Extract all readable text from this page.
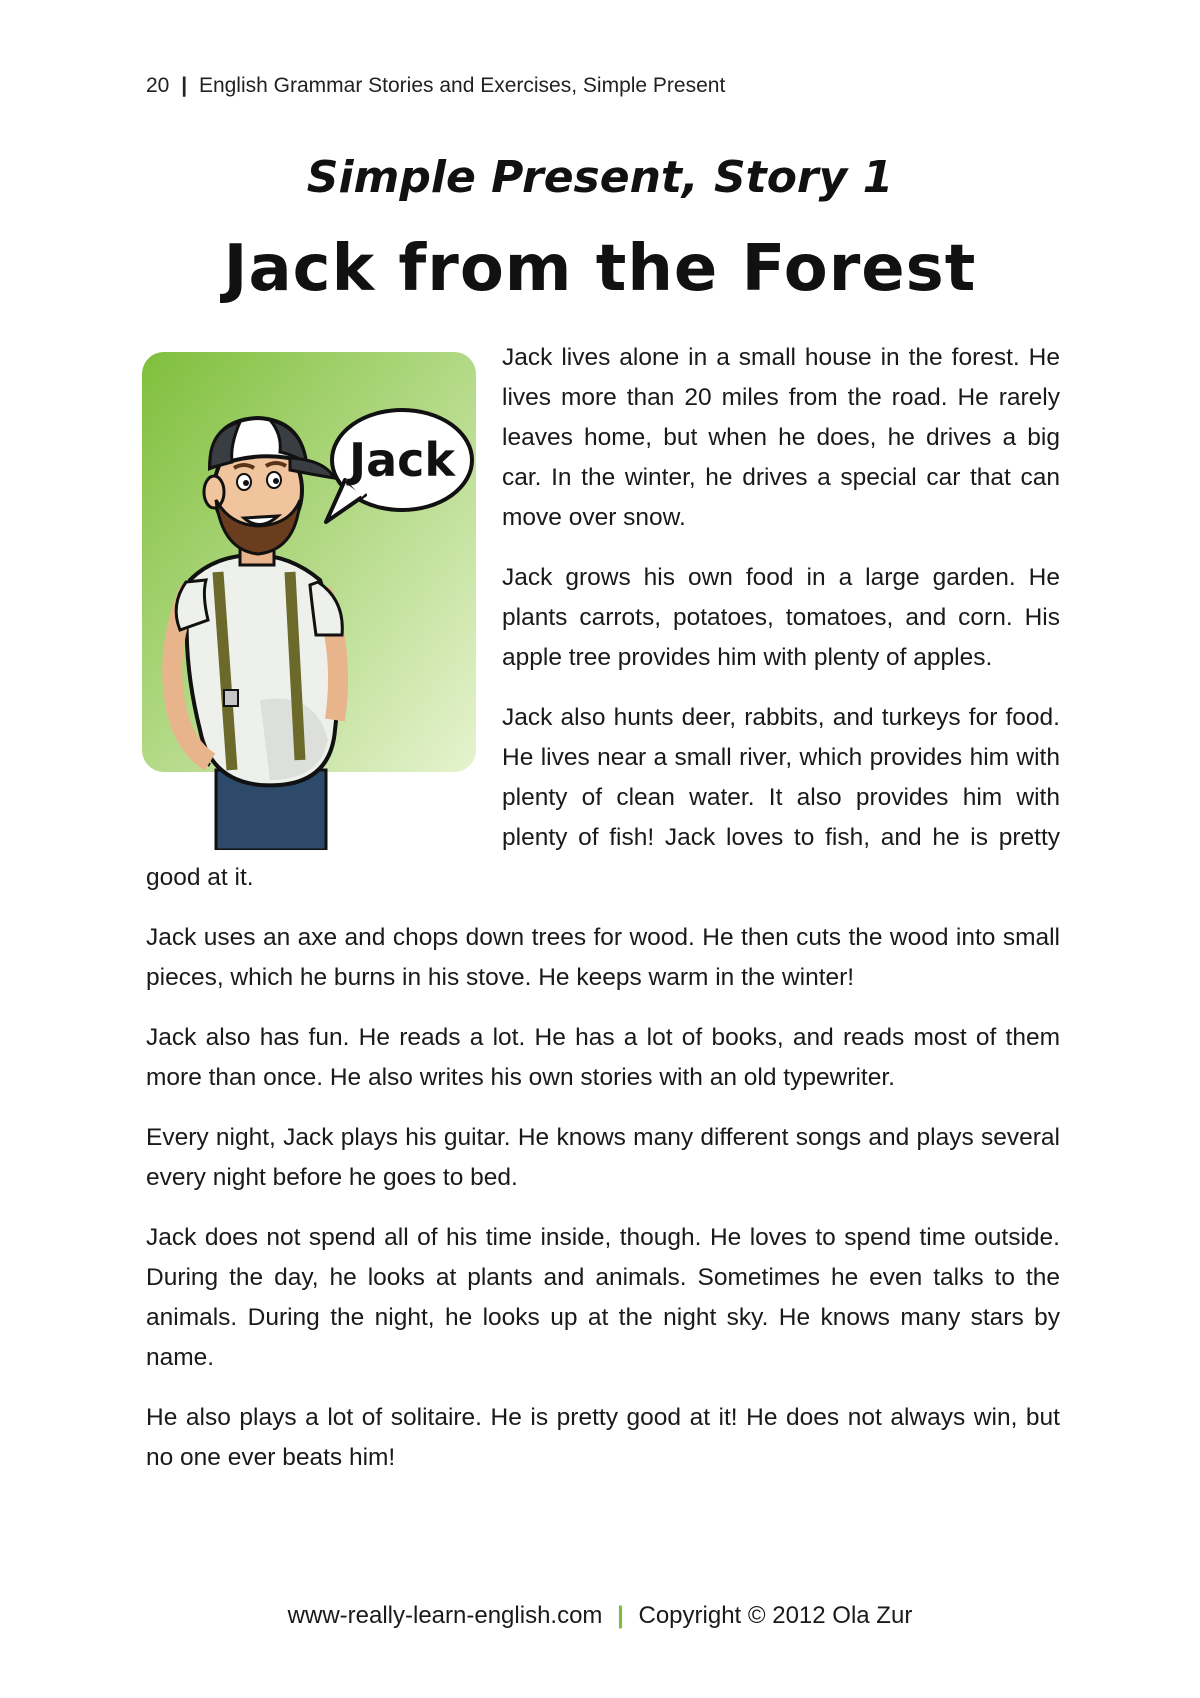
20 | English Grammar Stories and Exercises, Simple Present
Simple Present, Story 1
Jack from the Forest
Jack

Jack lives alone in a small house in the forest. He lives more than 20 miles from the road. He rarely leaves home, but when he does, he drives a big car. In the winter, he drives a special car that can move over snow.

Jack grows his own food in a large garden. He plants carrots, potatoes, tomatoes, and corn. His apple tree provides him with plenty of apples.

Jack also hunts deer, rabbits, and turkeys for food. He lives near a small river, which provides him with plenty of clean water. It also provides him with plenty of fish! Jack loves to fish, and he is pretty good at it.

Jack uses an axe and chops down trees for wood. He then cuts the wood into small pieces, which he burns in his stove. He keeps warm in the winter!

Jack also has fun. He reads a lot. He has a lot of books, and reads most of them more than once. He also writes his own stories with an old typewriter.

Every night, Jack plays his guitar. He knows many different songs and plays several every night before he goes to bed.

Jack does not spend all of his time inside, though. He loves to spend time outside. During the day, he looks at plants and animals. Sometimes he even talks to the animals. During the night, he looks up at the night sky. He knows many stars by name.

He also plays a lot of solitaire. He is pretty good at it! He does not always win, but no one ever beats him!

www-really-learn-english.com | Copyright © 2012 Ola Zur
